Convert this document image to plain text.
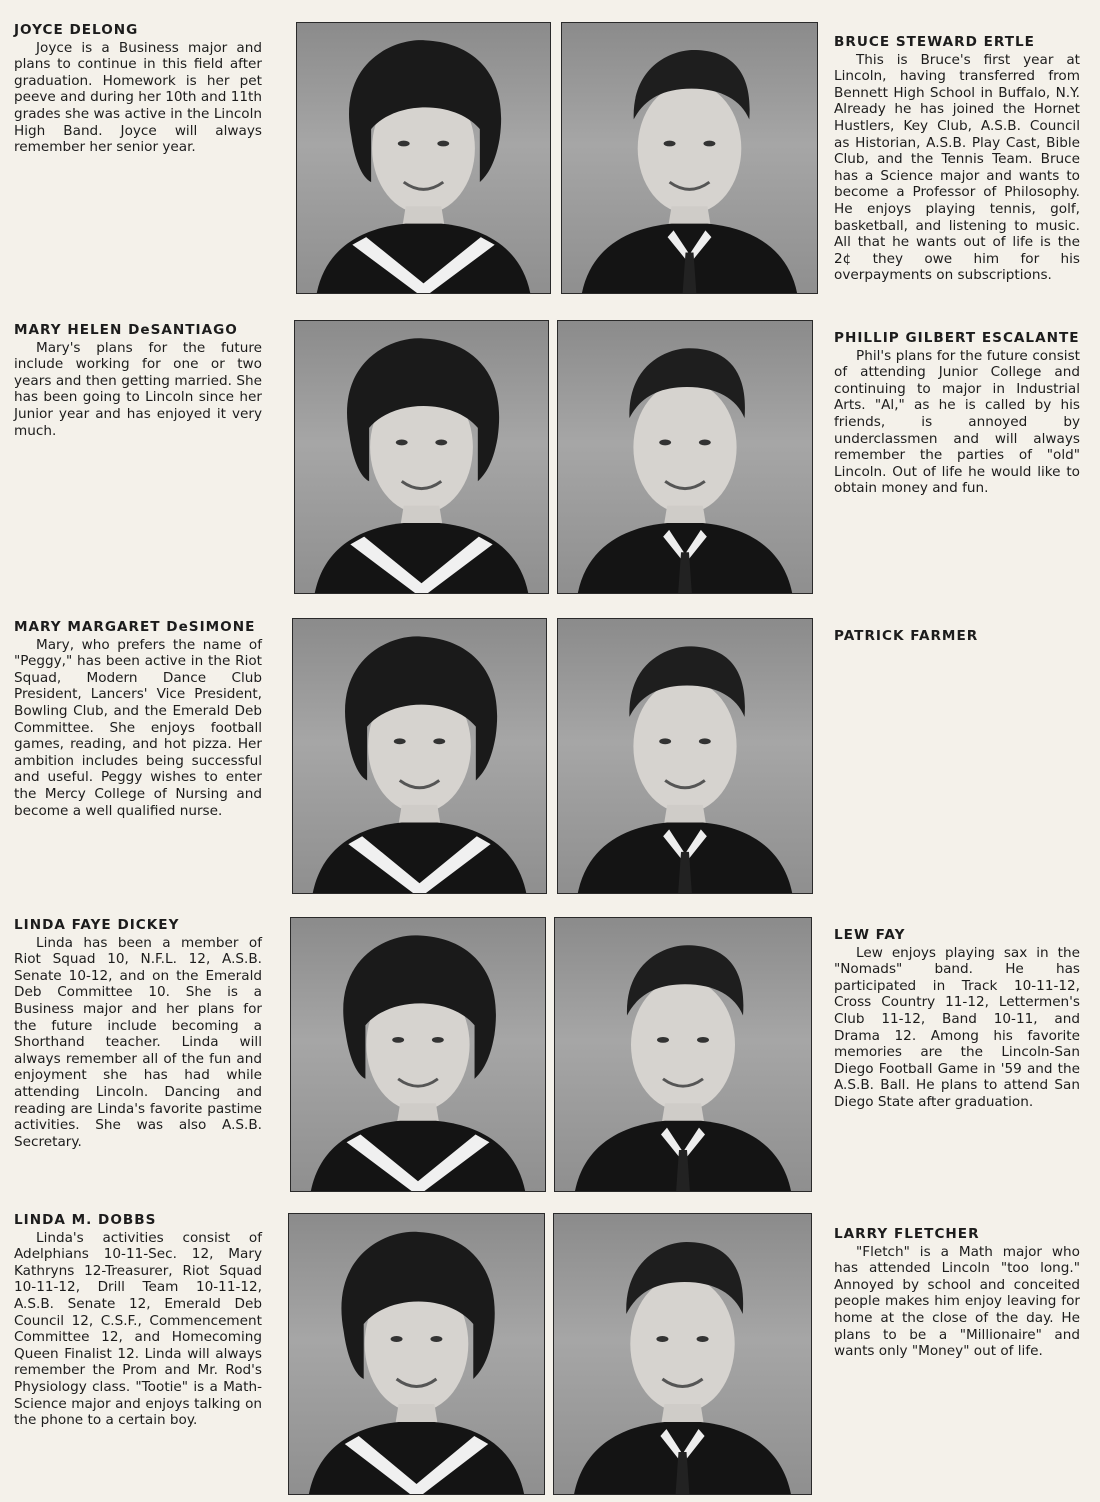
JOYCE DELONG
Joyce is a Business major and plans to continue in this field after graduation. Homework is her pet peeve and during her 10th and 11th grades she was active in the Lincoln High Band. Joyce will always remember her senior year.
MARY HELEN DeSANTIAGO
Mary's plans for the future include working for one or two years and then getting married. She has been going to Lincoln since her Junior year and has enjoyed it very much.
MARY MARGARET DeSIMONE
Mary, who prefers the name of "Peggy," has been active in the Riot Squad, Modern Dance Club President, Lancers' Vice President, Bowling Club, and the Emerald Deb Committee. She enjoys football games, reading, and hot pizza. Her ambition includes being successful and useful. Peggy wishes to enter the Mercy College of Nursing and become a well qualified nurse.
LINDA FAYE DICKEY
Linda has been a member of Riot Squad 10, N.F.L. 12, A.S.B. Senate 10-12, and on the Emerald Deb Committee 10. She is a Business major and her plans for the future include becoming a Shorthand teacher. Linda will always remember all of the fun and enjoyment she has had while attending Lincoln. Dancing and reading are Linda's favorite pastime activities. She was also A.S.B. Secretary.
LINDA M. DOBBS
Linda's activities consist of Adelphians 10-11-Sec. 12, Mary Kathryns 12-Treasurer, Riot Squad 10-11-12, Drill Team 10-11-12, A.S.B. Senate 12, Emerald Deb Council 12, C.S.F., Commencement Committee 12, and Homecoming Queen Finalist 12. Linda will always remember the Prom and Mr. Rod's Physiology class. "Tootie" is a Math-Science major and enjoys talking on the phone to a certain boy.
BRUCE STEWARD ERTLE
This is Bruce's first year at Lincoln, having transferred from Bennett High School in Buffalo, N.Y. Already he has joined the Hornet Hustlers, Key Club, A.S.B. Council as Historian, A.S.B. Play Cast, Bible Club, and the Tennis Team. Bruce has a Science major and wants to become a Professor of Philosophy. He enjoys playing tennis, golf, basketball, and listening to music. All that he wants out of life is the 2¢ they owe him for his overpayments on subscriptions.
PHILLIP GILBERT ESCALANTE
Phil's plans for the future consist of attending Junior College and continuing to major in Industrial Arts. "Al," as he is called by his friends, is annoyed by underclassmen and will always remember the parties of "old" Lincoln. Out of life he would like to obtain money and fun.
PATRICK FARMER
LEW FAY
Lew enjoys playing sax in the "Nomads" band. He has participated in Track 10-11-12, Cross Country 11-12, Lettermen's Club 11-12, Band 10-11, and Drama 12. Among his favorite memories are the Lincoln-San Diego Football Game in '59 and the A.S.B. Ball. He plans to attend San Diego State after graduation.
LARRY FLETCHER
"Fletch" is a Math major who has attended Lincoln "too long." Annoyed by school and conceited people makes him enjoy leaving for home at the close of the day. He plans to be a "Millionaire" and wants only "Money" out of life.
